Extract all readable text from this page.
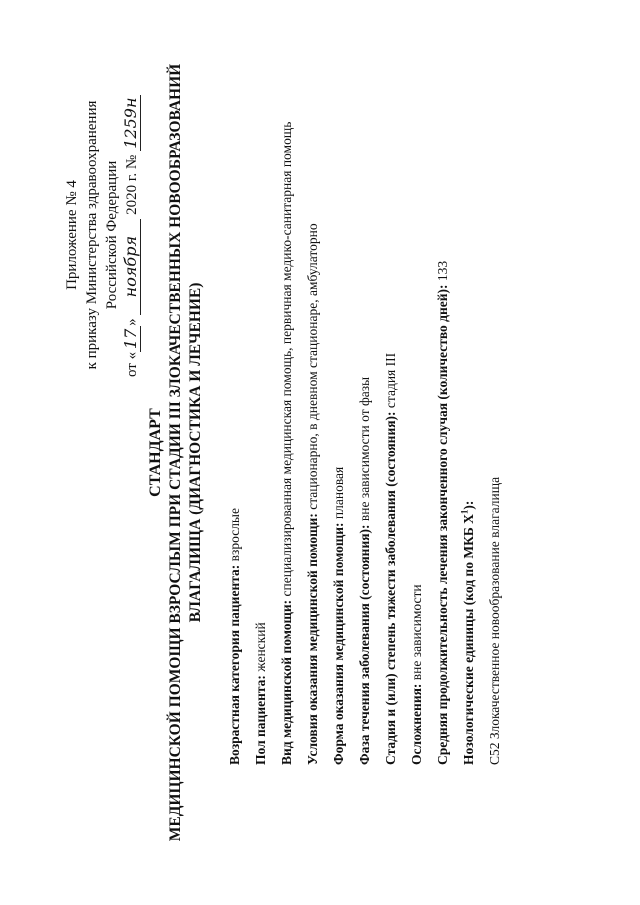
Приложение № 4 к приказу Министерства здравоохранения Российской Федерации
от «17» ноября 2020 г. № 1259н
СТАНДАРТ МЕДИЦИНСКОЙ ПОМОЩИ ВЗРОСЛЫМ ПРИ СТАДИИ III ЗЛОКАЧЕСТВЕННЫХ НОВООБРАЗОВАНИЙ ВЛАГАЛИЩА (ДИАГНОСТИКА И ЛЕЧЕНИЕ)
Возрастная категория пациента: взрослые
Пол пациента: женский Вид медицинской помощи: специализированная медицинская помощь, первичная медико-санитарная помощь
Условия оказания медицинской помощи: стационарно, в дневном стационаре, амбулаторно
Форма оказания медицинской помощи: плановая
Фаза течения заболевания (состояния): вне зависимости от фазы Стадия и (или) степень тяжести заболевания (состояния): стадия III
Осложнения: вне зависимости Средняя продолжительность лечения законченного случая (количество дней): 133
Нозологические единицы (код по МКБ $X^1$): C52 Злокачественное новообразование влагалища
